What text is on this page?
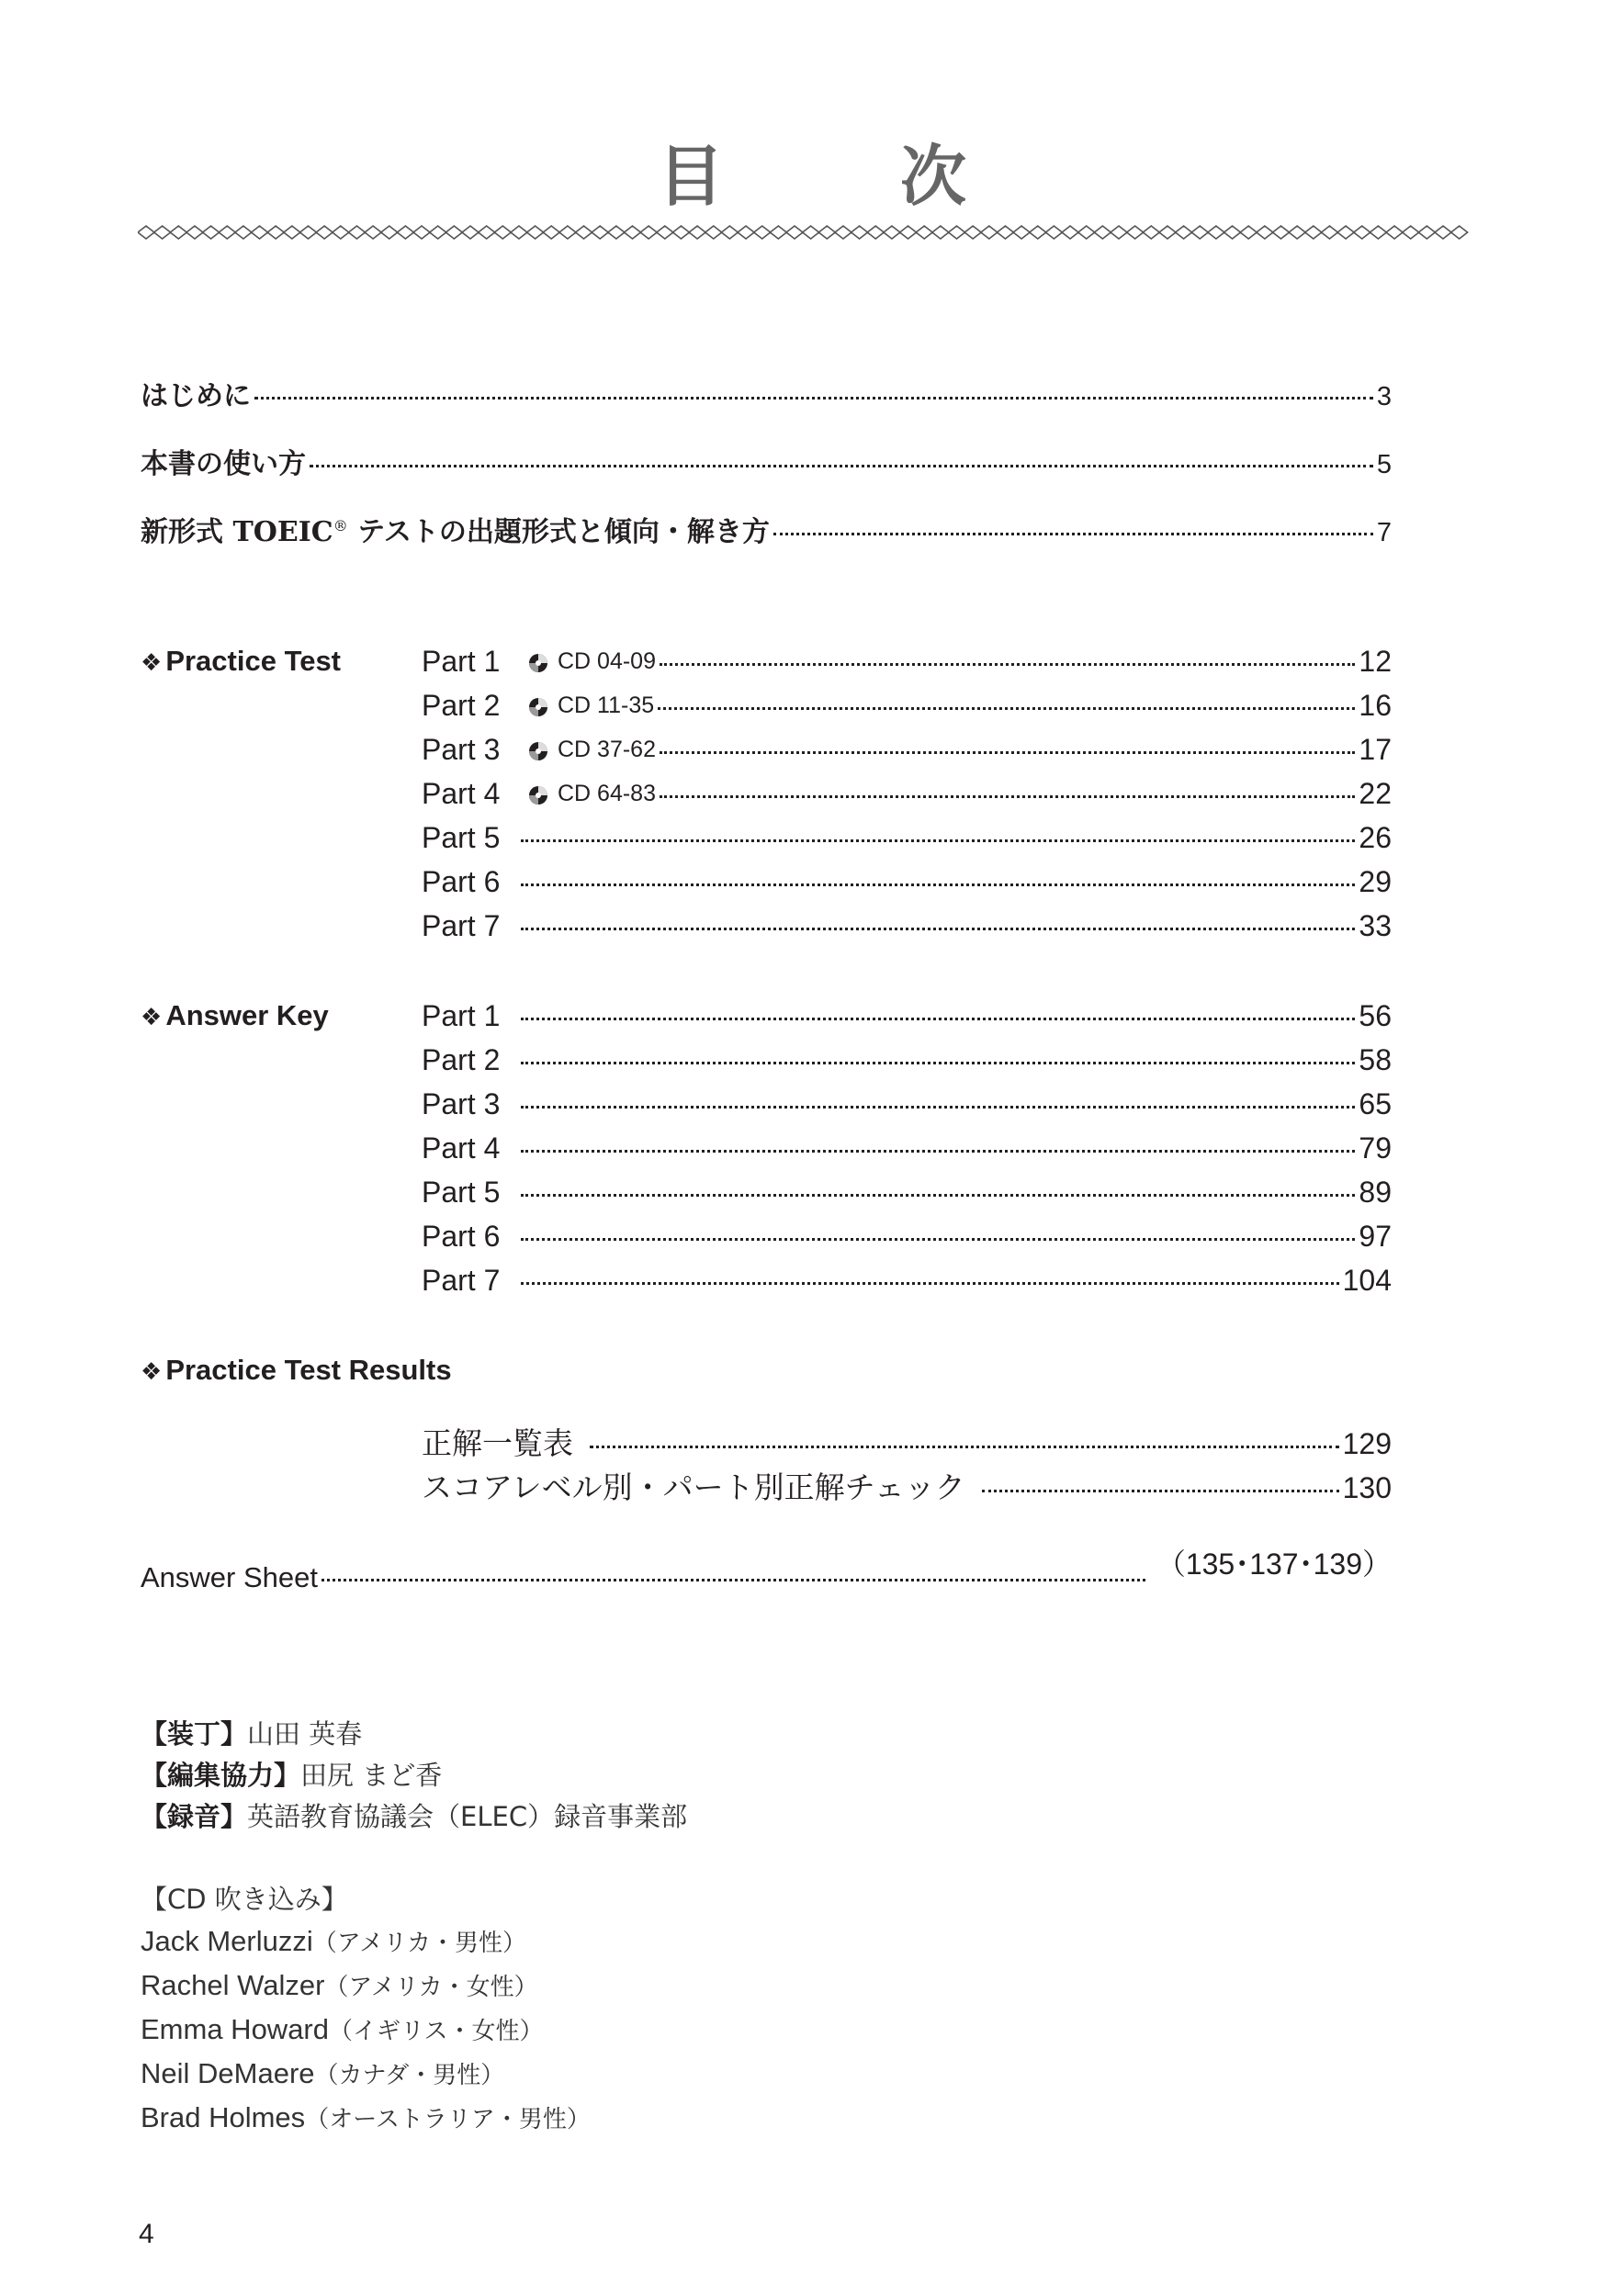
目　次
はじめに	3
本書の使い方	5
新形式 TOEIC® テストの出題形式と傾向・解き方	7
❖ Practice Test	Part 1	CD 04-09	12
Part 2	CD 11-35	16
Part 3	CD 37-62	17
Part 4	CD 64-83	22
Part 5	26
Part 6	29
Part 7	33
❖ Answer Key	Part 1	56
Part 2	58
Part 3	65
Part 4	79
Part 5	89
Part 6	97
Part 7	104
❖ Practice Test Results
正解一覧表	129
スコアレベル別・パート別正解チェック	130
Answer Sheet	（135･137･139）
【装丁】山田 英春
【編集協力】田尻 まど香
【録音】英語教育協議会（ELEC）録音事業部
【CD 吹き込み】
Jack Merluzzi（アメリカ・男性）
Rachel Walzer（アメリカ・女性）
Emma Howard（イギリス・女性）
Neil DeMaere（カナダ・男性）
Brad Holmes（オーストラリア・男性）
4
